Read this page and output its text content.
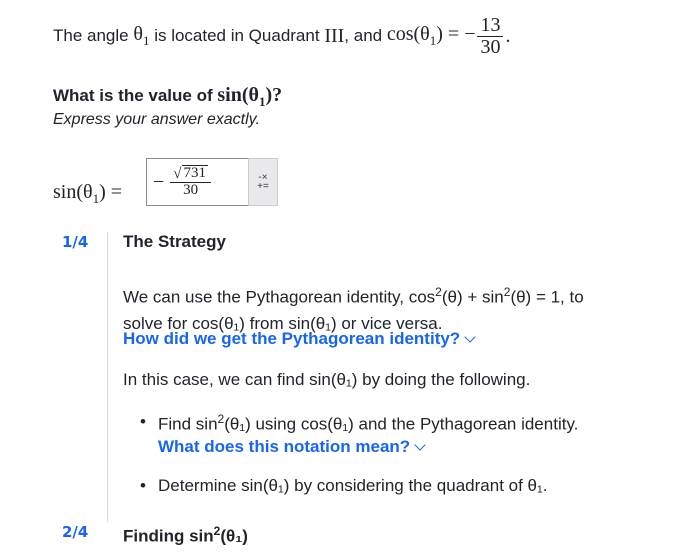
The angle
$\theta_1$
is located in Quadrant
III , and
$\cos(\theta_1)$ = − $\frac{13}{30}$ .
What is the value of $\sin(\theta_1)$?
Express your answer exactly.
$\sin(\theta_1)$ = − $\frac{√ 731}{30}$	-×
+=
1/4 The Strategy
We can use the Pythagorean identity, $\cos^2(\theta) + \sin^2(\theta) = 1$, to
solve for cos(θ₁) from sin(θ₁) or vice versa.
How did we get the Pythagorean identity?
In this case, we can find sin(θ₁) by doing the following.
• Find $\sin^2(\theta_1)$ using cos(θ₁) and the Pythagorean identity.
What does this notation mean?
• Determine sin(θ₁) by considering the quadrant of θ₁.
2/4 Finding $\sin^2(\theta_1)$
